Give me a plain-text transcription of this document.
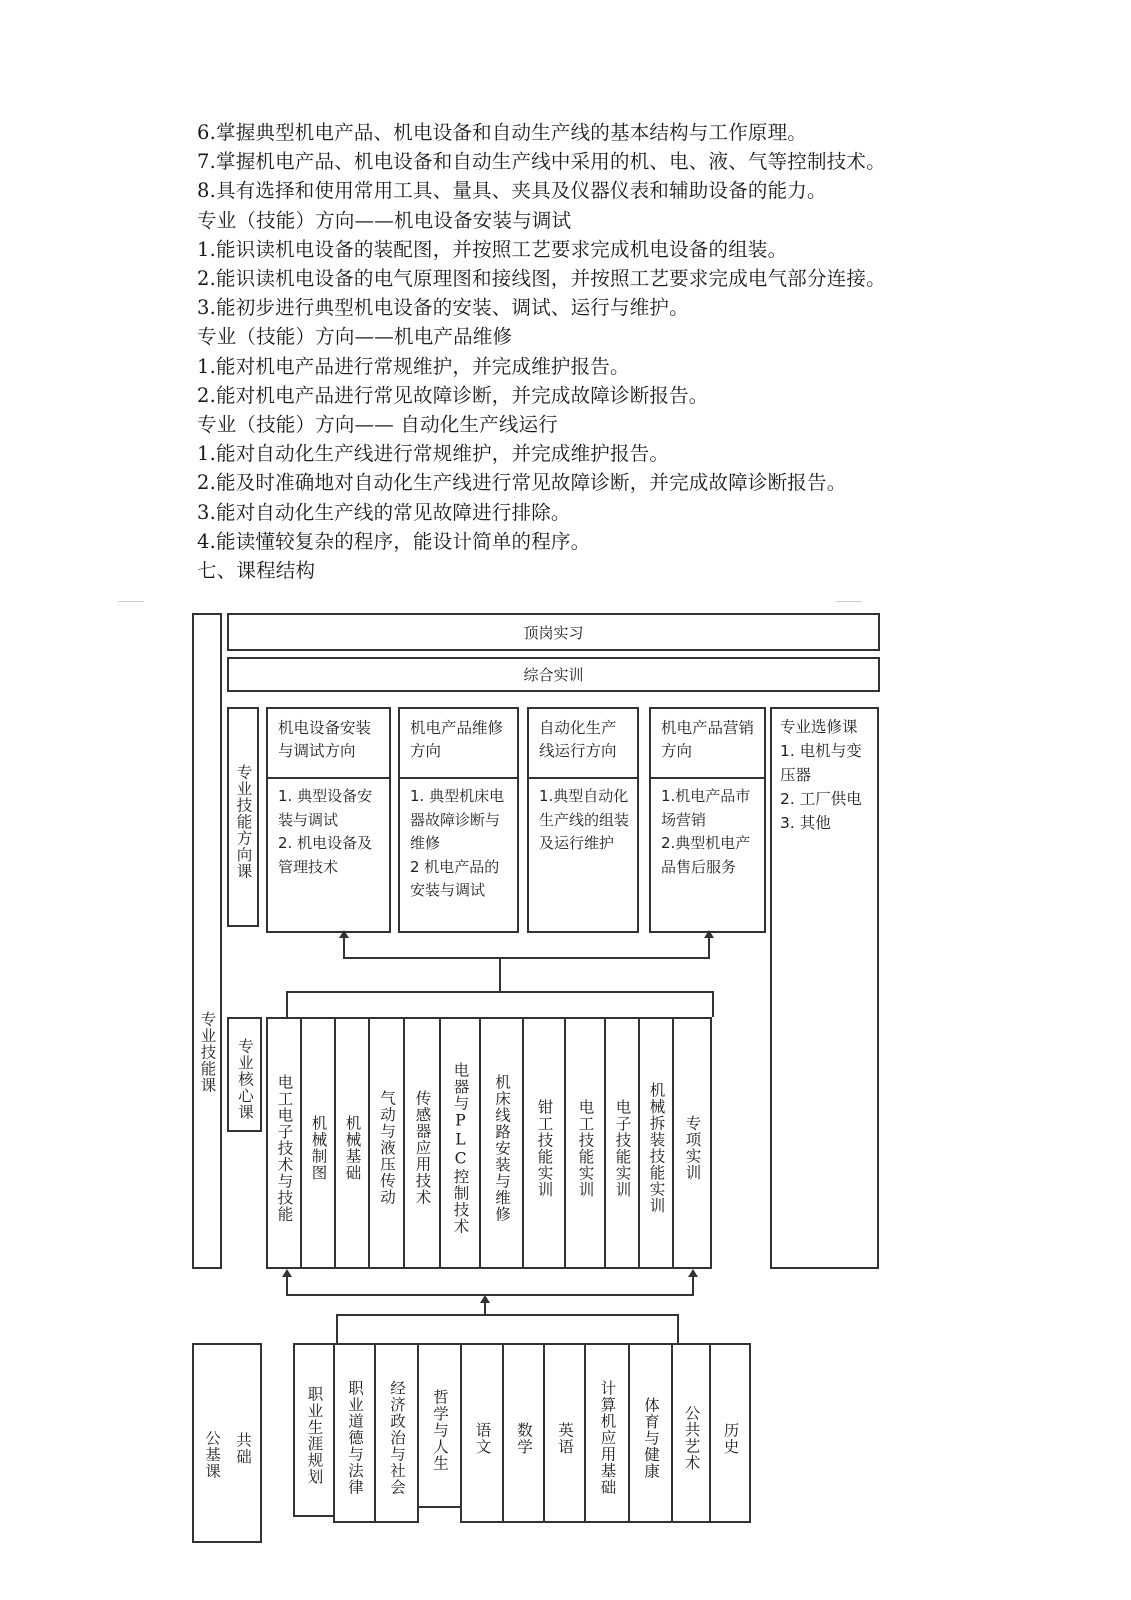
6.掌握典型机电产品、机电设备和自动生产线的基本结构与工作原理。
7.掌握机电产品、机电设备和自动生产线中采用的机、电、液、气等控制技术。
8.具有选择和使用常用工具、量具、夹具及仪器仪表和辅助设备的能力。
专业（技能）方向——机电设备安装与调试
1.能识读机电设备的装配图，并按照工艺要求完成机电设备的组装。
2.能识读机电设备的电气原理图和接线图，并按照工艺要求完成电气部分连接。
3.能初步进行典型机电设备的安装、调试、运行与维护。
专业（技能）方向——机电产品维修
1.能对机电产品进行常规维护，并完成维护报告。
2.能对机电产品进行常见故障诊断，并完成故障诊断报告。
专业（技能）方向—— 自动化生产线运行
1.能对自动化生产线进行常规维护，并完成维护报告。
2.能及时准确地对自动化生产线进行常见故障诊断，并完成故障诊断报告。
3.能对自动化生产线的常见故障进行排除。
4.能读懂较复杂的程序，能设计简单的程序。
七、课程结构
专业技能课
顶岗实习
综合实训
专业技能方向课
机电设备安装与调试方向
1. 典型设备安装与调试
2. 机电设备及管理技术
机电产品维修方向
1. 典型机床电器故障诊断与维修
2 机电产品的安装与调试
自动化生产线运行方向
1.典型自动化生产线的组装及运行维护
机电产品营销方向
1.机电产品市场营销
2.典型机电产品售后服务
专业选修课
1. 电机与变压器
2. 工厂供电
3. 其他
专业核心课 电工电子技术与技能 机械制图 机械基础 气动与液压传动 传感器应用技术 电器与PLC控制技术 机床线路安装与维修 钳工技能实训 电工技能实训 电子技能实训 机械拆装技能实训 专项实训
公基课 共础	职业生涯规划 职业道德与法律 经济政治与社会 哲学与人生 语文 数学 英语 计算机应用基础 体育与健康 公共艺术 历史
